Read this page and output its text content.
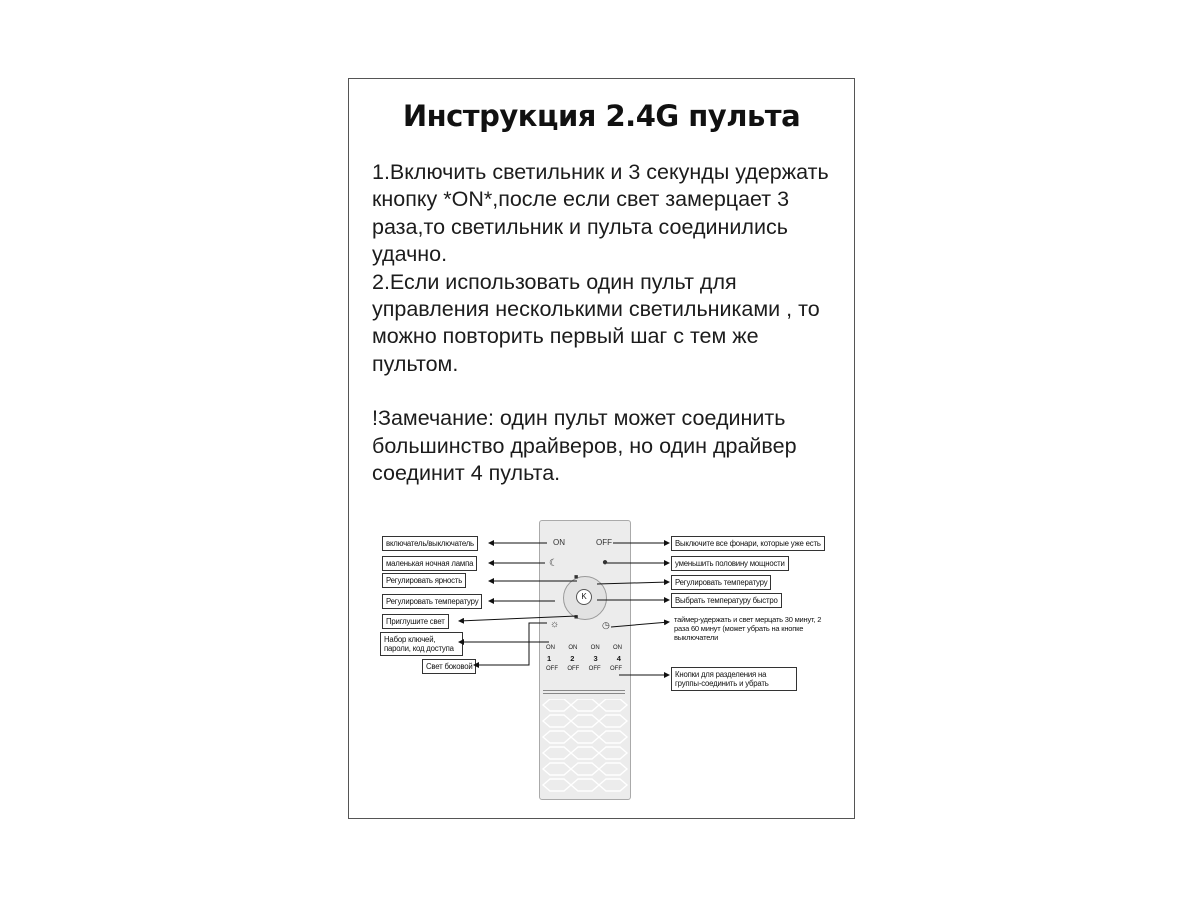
Инструкция 2.4G пульта

1.Включить светильник и 3 секунды удержать кнопку *ON*,после если свет замерцает 3 раза,то светильник и пульта соединились удачно.

2.Если использовать один пульт для управления несколькими светильниками , то можно повторить первый шаг с тем же пультом.

!Замечание: один пульт может соединить большинство драйверов, но один драйвер соединит 4 пульта.

ON	OFF
☾	●
K
■
■
☼	◷
ON ON ON ON
1	2	3	4
OFF OFF OFF OFF
включатель/выключатель
маленькая ночная лампа
Регулировать ярность
Регулировать температуру
Приглушите свет
Набор ключей, пароли, код доступа
Свет боковой
Выключите все фонари, которые уже есть
уменьшить половину мощности
Регулировать температуру
Выбрать температуру быстро
таймер-удержать и свет мерцать 30 минут, 2 раза 60 минут (может убрать на кнопке выключатели
Кнопки для разделения на группы-соединить и убрать
